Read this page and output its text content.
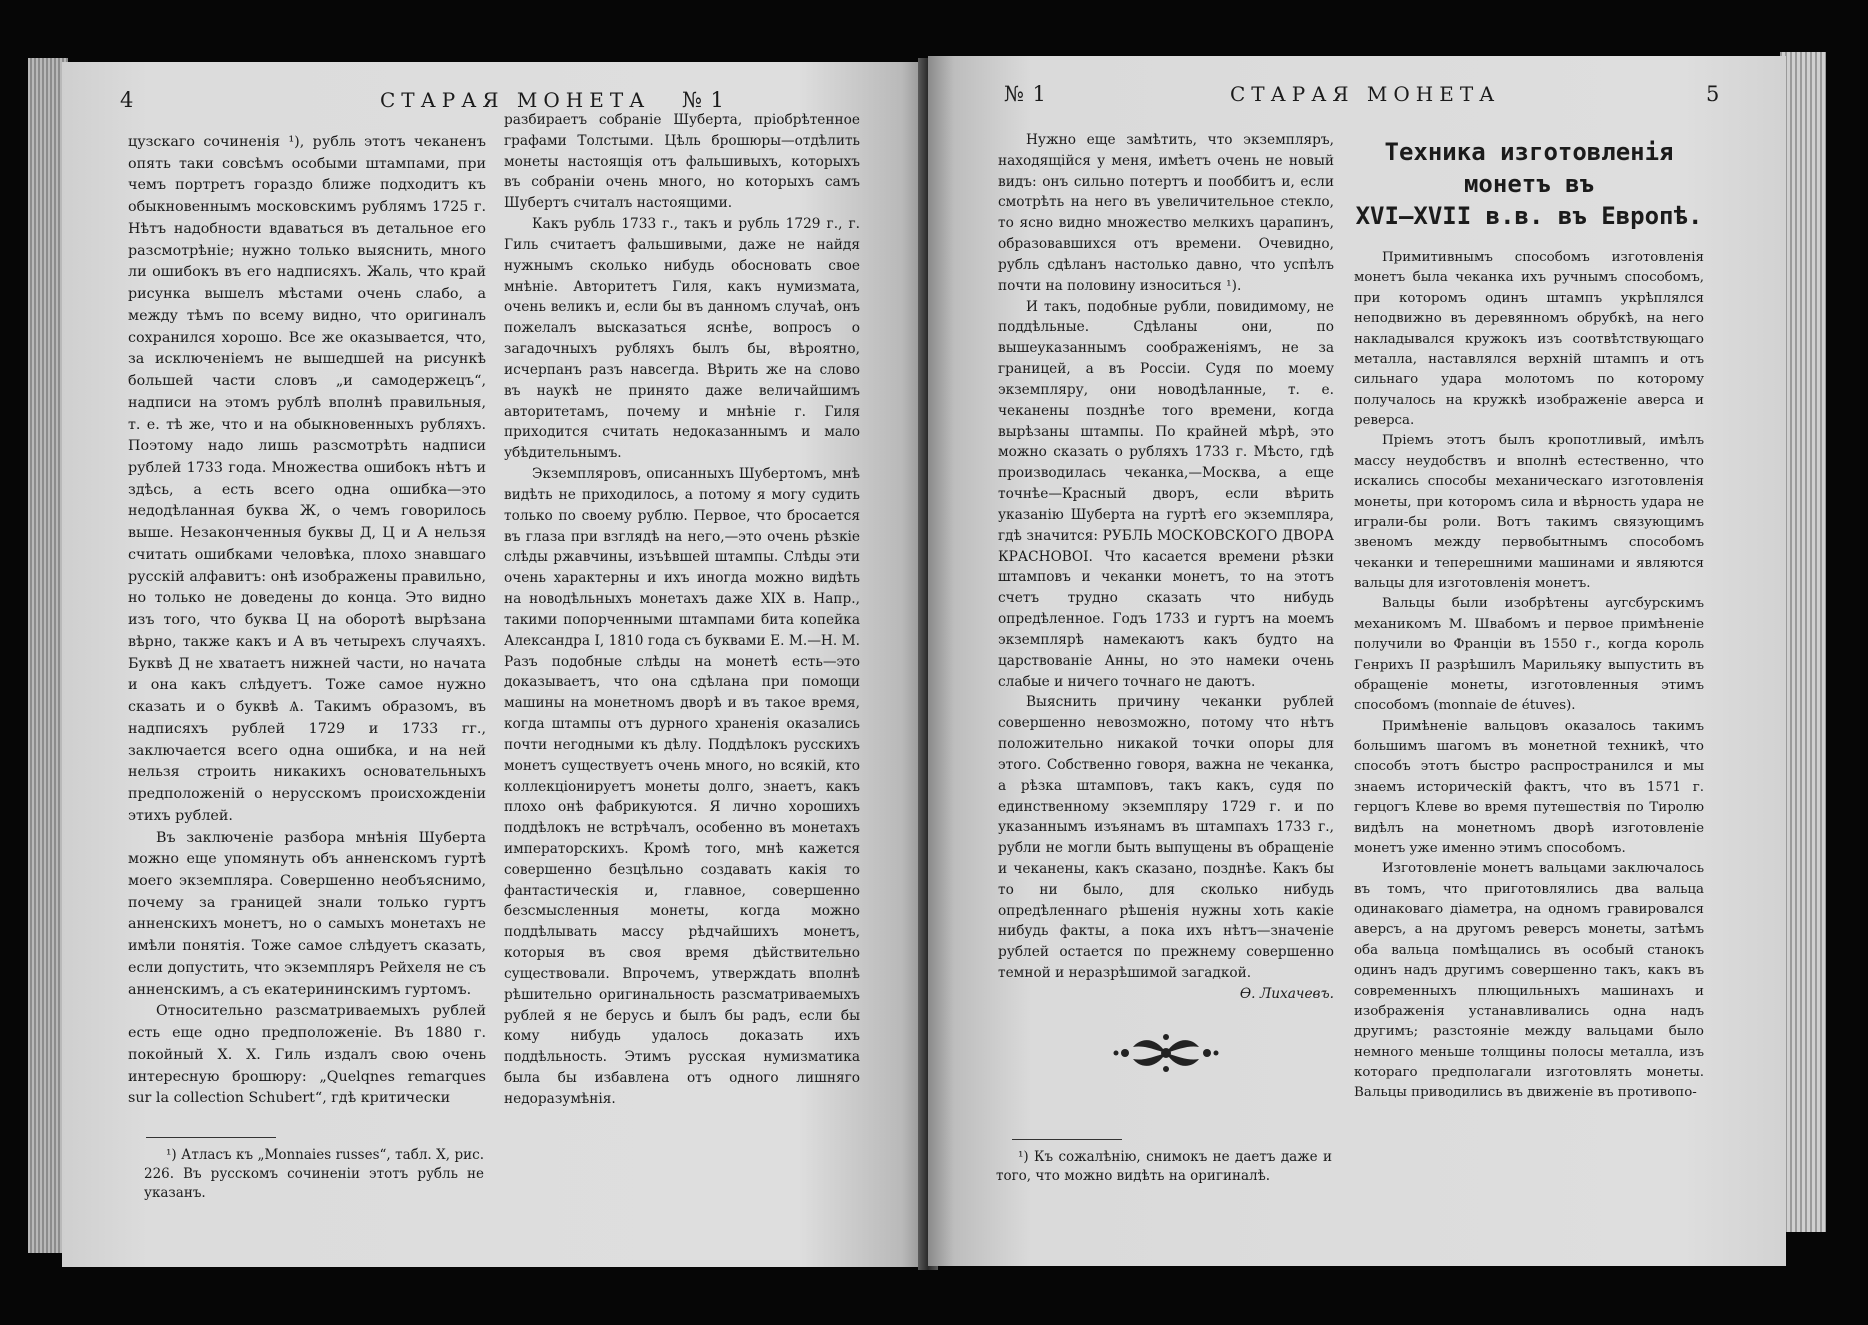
4	СТАРАЯ МОНЕТА № 1

цузскаго сочиненія ¹), рубль этотъ чеканенъ опять таки совсѣмъ особыми штампами, при чемъ портретъ гораздо ближе подходитъ къ обыкновеннымъ московскимъ рублямъ 1725 г. Нѣтъ надобности вдаваться въ детальное его разсмотрѣніе; нужно только выяснить, много ли ошибокъ въ его надписяхъ. Жаль, что край рисунка вышелъ мѣстами очень слабо, а между тѣмъ по всему видно, что оригиналъ сохранился хорошо. Все же оказывается, что, за исключеніемъ не вышедшей на рисункѣ большей части словъ „и самодержецъ“, надписи на этомъ рублѣ вполнѣ правильныя, т. е. тѣ же, что и на обыкновенныхъ рубляхъ. Поэтому надо лишь разсмотрѣть надписи рублей 1733 года. Множества ошибокъ нѣтъ и здѣсь, а есть всего одна ошибка—это недодѣланная буква Ж, о чемъ говорилось выше. Незаконченныя буквы Д, Ц и А нельзя считать ошибками человѣка, плохо знавшаго русскій алфавитъ: онѣ изображены правильно, но только не доведены до конца. Это видно изъ того, что буква Ц на оборотѣ вырѣзана вѣрно, также какъ и А въ четырехъ случаяхъ. Буквѣ Д не хватаетъ нижней части, но начата и она какъ слѣдуетъ. Тоже самое нужно сказать и о буквѣ Ѧ. Такимъ образомъ, въ надписяхъ рублей 1729 и 1733 гг., заключается всего одна ошибка, и на ней нельзя строить никакихъ основательныхъ предположеній о нерусскомъ происхожденіи этихъ рублей.

Въ заключеніе разбора мнѣнія Шуберта можно еще упомянуть объ анненскомъ гуртѣ моего экземпляра. Совершенно необъяснимо, почему за границей знали только гуртъ анненскихъ монетъ, но о самыхъ монетахъ не имѣли понятія. Тоже самое слѣдуетъ сказать, если допустить, что экземпляръ Рейхеля не съ анненскимъ, а съ екатерининскимъ гуртомъ.

Относительно разсматриваемыхъ рублей есть еще одно предположеніе. Въ 1880 г. покойный Х. Х. Гиль издалъ свою очень интересную брошюру: „Quelqnes remarques sur la collection Schubert“, гдѣ критически

¹) Атласъ къ „Monnaies russes“, табл. X, рис. 226. Въ русскомъ сочиненіи этотъ рубль не указанъ.

разбираетъ собраніе Шуберта, пріобрѣтенное графами Толстыми. Цѣль брошюры—отдѣлить монеты настоящія отъ фальшивыхъ, которыхъ въ собраніи очень много, но которыхъ самъ Шубертъ считалъ настоящими.

Какъ рубль 1733 г., такъ и рубль 1729 г., г. Гиль считаетъ фальшивыми, даже не найдя нужнымъ сколько нибудь обосновать свое мнѣніе. Авторитетъ Гиля, какъ нумизмата, очень великъ и, если бы въ данномъ случаѣ, онъ пожелалъ высказаться яснѣе, вопросъ о загадочныхъ рубляхъ былъ бы, вѣроятно, исчерпанъ разъ навсегда. Вѣрить же на слово въ наукѣ не принято даже величайшимъ авторитетамъ, почему и мнѣніе г. Гиля приходится считать недоказаннымъ и мало убѣдительнымъ.

Экземпляровъ, описанныхъ Шубертомъ, мнѣ видѣть не приходилось, а потому я могу судить только по своему рублю. Первое, что бросается въ глаза при взглядѣ на него,—это очень рѣзкіе слѣды ржавчины, изъѣвшей штампы. Слѣды эти очень характерны и ихъ иногда можно видѣть на новодѣльныхъ монетахъ даже XIX в. Напр., такими попорченными штампами бита копейка Александра I, 1810 года съ буквами Е. М.—Н. М. Разъ подобные слѣды на монетѣ есть—это доказываетъ, что она сдѣлана при помощи машины на монетномъ дворѣ и въ такое время, когда штампы отъ дурного храненія оказались почти негодными къ дѣлу. Поддѣлокъ русскихъ монетъ существуетъ очень много, но всякій, кто коллекціонируетъ монеты долго, знаетъ, какъ плохо онѣ фабрикуются. Я лично хорошихъ поддѣлокъ не встрѣчалъ, особенно въ монетахъ императорскихъ. Кромѣ того, мнѣ кажется совершенно безцѣльно создавать какія то фантастическія и, главное, совершенно безсмысленныя монеты, когда можно поддѣлывать массу рѣдчайшихъ монетъ, которыя въ своя время дѣйствительно существовали. Впрочемъ, утверждать вполнѣ рѣшительно оригинальность разсматриваемыхъ рублей я не берусь и былъ бы радъ, если бы кому нибудь удалось доказать ихъ поддѣльность. Этимъ русская нумизматика была бы избавлена отъ одного лишняго недоразумѣнія.

№ 1	СТАРАЯ МОНЕТА	5

Нужно еще замѣтить, что экземпляръ, находящійся у меня, имѣетъ очень не новый видъ: онъ сильно потертъ и пооббитъ и, если смотрѣть на него въ увеличительное стекло, то ясно видно множество мелкихъ царапинъ, образовавшихся отъ времени. Очевидно, рубль сдѣланъ настолько давно, что успѣлъ почти на половину износиться ¹).

И такъ, подобные рубли, повидимому, не поддѣльные. Сдѣланы они, по вышеуказаннымъ соображеніямъ, не за границей, а въ Россіи. Судя по моему экземпляру, они новодѣланные, т. е. чеканены позднѣе того времени, когда вырѣзаны штампы. По крайней мѣрѣ, это можно сказать о рубляхъ 1733 г. Мѣсто, гдѣ производилась чеканка,—Москва, а еще точнѣе—Красный дворъ, если вѣрить указанію Шуберта на гуртѣ его экземпляра, гдѣ значится: РУБЛЬ МОСКОВСКОГО ДВОРА КРАСНОВОІ. Что касается времени рѣзки штамповъ и чеканки монетъ, то на этотъ счетъ трудно сказать что нибудь опредѣленное. Годъ 1733 и гуртъ на моемъ экземплярѣ намекаютъ какъ будто на царствованіе Анны, но это намеки очень слабые и ничего точнаго не даютъ.

Выяснить причину чеканки рублей совершенно невозможно, потому что нѣтъ положительно никакой точки опоры для этого. Собственно говоря, важна не чеканка, а рѣзка штамповъ, такъ какъ, судя по единственному экземпляру 1729 г. и по указаннымъ изъянамъ въ штампахъ 1733 г., рубли не могли быть выпущены въ обращеніе и чеканены, какъ сказано, позднѣе. Какъ бы то ни было, для сколько нибудь опредѣленнаго рѣшенія нужны хоть какіе нибудь факты, а пока ихъ нѣтъ—значеніе рублей остается по прежнему совершенно темной и неразрѣшимой загадкой.

Ѳ. Лихачевъ.

¹) Къ сожалѣнію, снимокъ не даетъ даже и того, что можно видѣть на оригиналѣ.

Техника изготовленія монетъ въ
XVI—XVII в.в. въ Европѣ.

Примитивнымъ способомъ изготовленія монетъ была чеканка ихъ ручнымъ способомъ, при которомъ одинъ штампъ укрѣплялся неподвижно въ деревянномъ обрубкѣ, на него накладывался кружокъ изъ соотвѣтствующаго металла, наставлялся верхній штампъ и отъ сильнаго удара молотомъ по которому получалось на кружкѣ изображеніе аверса и реверса.

Пріемъ этотъ былъ кропотливый, имѣлъ массу неудобствъ и вполнѣ естественно, что искались способы механическаго изготовленія монеты, при которомъ сила и вѣрность удара не играли-бы роли. Вотъ такимъ связующимъ звеномъ между первобытнымъ способомъ чеканки и теперешними машинами и являются вальцы для изготовленія монетъ.

Вальцы были изобрѣтены аугсбурскимъ механикомъ М. Швабомъ и первое примѣненіе получили во Франціи въ 1550 г., когда король Генрихъ II разрѣшилъ Марильяку выпустить въ обращеніе монеты, изготовленныя этимъ способомъ (monnaie de étuves).

Примѣненіе вальцовъ оказалось такимъ большимъ шагомъ въ монетной техникѣ, что способъ этотъ быстро распространился и мы знаемъ историческій фактъ, что въ 1571 г. герцогъ Клеве во время путешествія по Тиролю видѣлъ на монетномъ дворѣ изготовленіе монетъ уже именно этимъ способомъ.

Изготовленіе монетъ вальцами заключалось въ томъ, что приготовлялись два вальца одинаковаго діаметра, на одномъ гравировался аверсъ, а на другомъ реверсъ монеты, затѣмъ оба вальца помѣщались въ особый станокъ одинъ надъ другимъ совершенно такъ, какъ въ современныхъ плющильныхъ машинахъ и изображенія устанавливались одна надъ другимъ; разстояніе между вальцами было немного меньше толщины полосы металла, изъ котораго предполагали изготовлять монеты. Вальцы приводились въ движеніе въ противопо-
